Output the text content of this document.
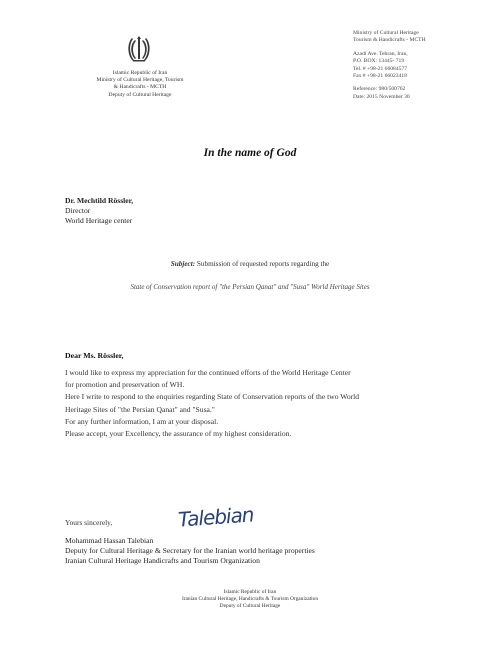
Islamic Republic of Iran
Ministry of Cultural Heritage, Tourism
& Handicrafts - MCTH
Deputy of Cultural Heritage
Ministry of Cultural Heritage
Tourism & Handicrafts - MCTH
Azadi Ave. Tehran, Iran,
P.O. BOX: 13445- 719
Tel. # +98-21 66084577
Fax # +98-21 66023418
Reference: 980/500762
Date: 2015 November 30
In the name of God
Dr. Mechtild Rössler,
Director
World Heritage center
Subject: Submission of requested reports regarding the
State of Conservation report of "the Persian Qanat" and "Susa" World Heritage Sites
Dear Ms. Rössler,
I would like to express my appreciation for the continued efforts of the World Heritage Center
for promotion and preservation of WH.
Here I write to respond to the enquiries regarding State of Conservation reports of the two World
Heritage Sites of "the Persian Qanat" and "Susa."
For any further information, I am at your disposal.
Please accept, your Excellency, the assurance of my highest consideration.
Yours sincerely,	Talebian
Mohammad Hassan Talebian
Deputy for Cultural Heritage & Secretary for the Iranian world heritage properties
Iranian Cultural Heritage Handicrafts and Tourism Organization
Islamic Republic of Iran
Iranian Cultural Heritage, Handicrafts & Tourism Organization
Deputy of Cultural Heritage
